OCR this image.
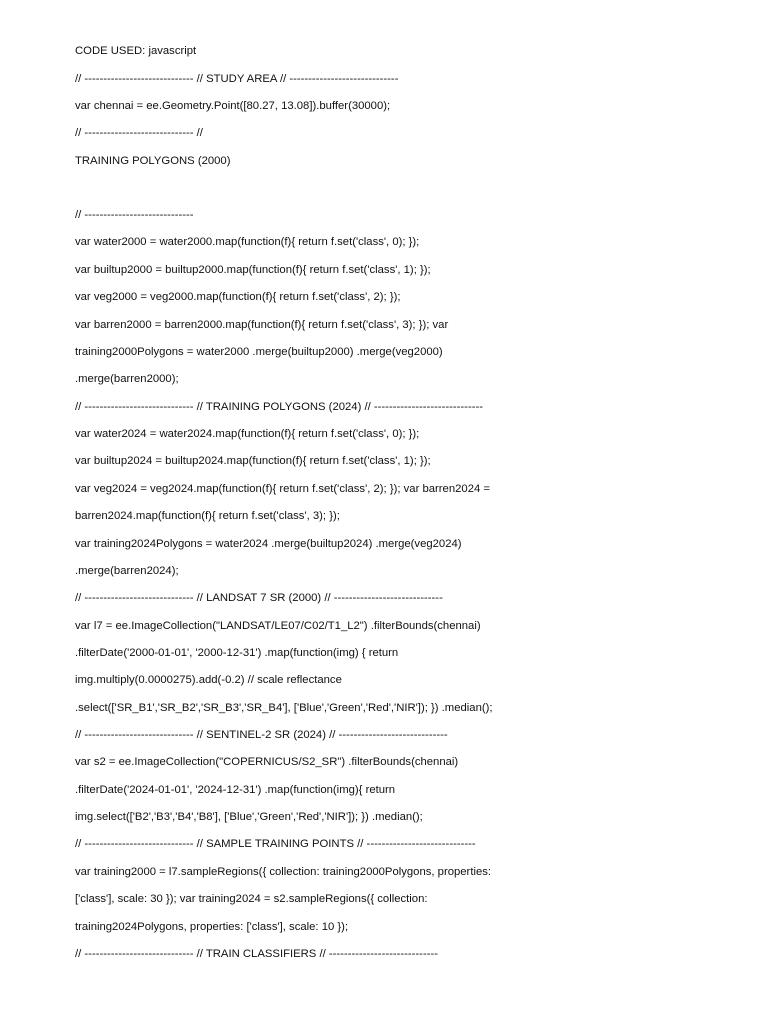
CODE USED: javascript

// ----------------------------- // STUDY AREA // -----------------------------

var chennai = ee.Geometry.Point([80.27, 13.08]).buffer(30000);

// ----------------------------- //

TRAINING POLYGONS (2000)

// -----------------------------

var water2000 = water2000.map(function(f){ return f.set('class', 0); });

var builtup2000 = builtup2000.map(function(f){ return f.set('class', 1); });

var veg2000 = veg2000.map(function(f){ return f.set('class', 2); });

var barren2000 = barren2000.map(function(f){ return f.set('class', 3); }); var

training2000Polygons = water2000 .merge(builtup2000) .merge(veg2000)

.merge(barren2000);

// ----------------------------- // TRAINING POLYGONS (2024) // -----------------------------

var water2024 = water2024.map(function(f){ return f.set('class', 0); });

var builtup2024 = builtup2024.map(function(f){ return f.set('class', 1); });

var veg2024 = veg2024.map(function(f){ return f.set('class', 2); }); var barren2024 =

barren2024.map(function(f){ return f.set('class', 3); });

var training2024Polygons = water2024 .merge(builtup2024) .merge(veg2024)

.merge(barren2024);

// ----------------------------- // LANDSAT 7 SR (2000) // -----------------------------

var l7 = ee.ImageCollection("LANDSAT/LE07/C02/T1_L2") .filterBounds(chennai)

.filterDate('2000-01-01', '2000-12-31') .map(function(img) { return

img.multiply(0.0000275).add(-0.2) // scale reflectance

.select(['SR_B1','SR_B2','SR_B3','SR_B4'], ['Blue','Green','Red','NIR']); }) .median();

// ----------------------------- // SENTINEL-2 SR (2024) // -----------------------------

var s2 = ee.ImageCollection("COPERNICUS/S2_SR") .filterBounds(chennai)

.filterDate('2024-01-01', '2024-12-31') .map(function(img){ return

img.select(['B2','B3','B4','B8'], ['Blue','Green','Red','NIR']); }) .median();

// ----------------------------- // SAMPLE TRAINING POINTS // -----------------------------

var training2000 = l7.sampleRegions({ collection: training2000Polygons, properties:

['class'], scale: 30 }); var training2024 = s2.sampleRegions({ collection:

training2024Polygons, properties: ['class'], scale: 10 });

// ----------------------------- // TRAIN CLASSIFIERS // -----------------------------
